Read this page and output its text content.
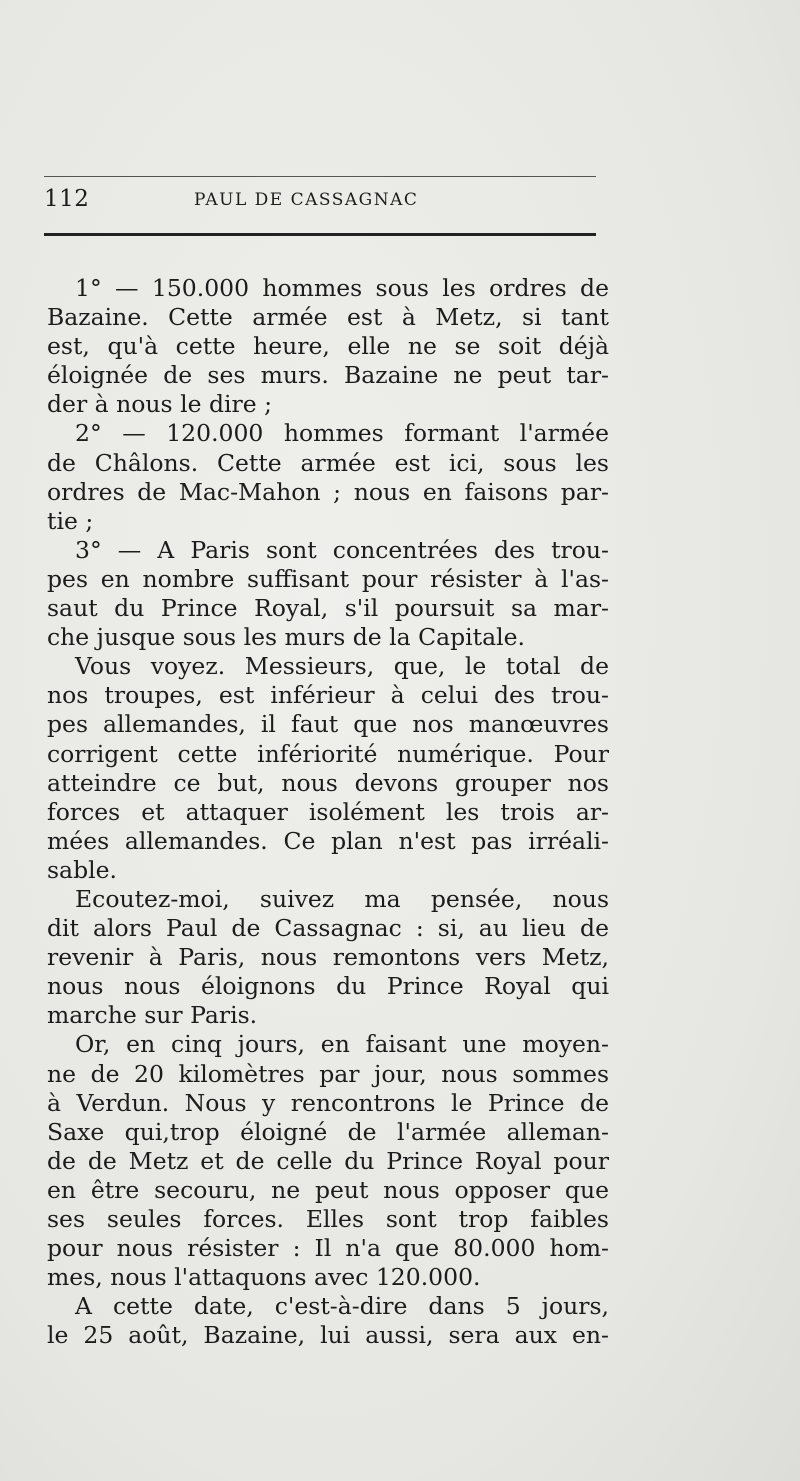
112	PAUL DE CASSAGNAC
1° — 150.000 hommes sous les ordres de
Bazaine. Cette armée est à Metz, si tant
est, qu'à cette heure, elle ne se soit déjà
éloignée de ses murs. Bazaine ne peut tar-
der à nous le dire ;
2° — 120.000 hommes formant l'armée
de Châlons. Cette armée est ici, sous les
ordres de Mac-Mahon ; nous en faisons par-
tie ;
3° — A Paris sont concentrées des trou-
pes en nombre suffisant pour résister à l'as-
saut du Prince Royal, s'il poursuit sa mar-
che jusque sous les murs de la Capitale.
Vous voyez. Messieurs, que, le total de
nos troupes, est inférieur à celui des trou-
pes allemandes, il faut que nos manœuvres
corrigent cette infériorité numérique. Pour
atteindre ce but, nous devons grouper nos
forces et attaquer isolément les trois ar-
mées allemandes. Ce plan n'est pas irréali-
sable.
Ecoutez-moi, suivez ma pensée, nous
dit alors Paul de Cassagnac : si, au lieu de
revenir à Paris, nous remontons vers Metz,
nous nous éloignons du Prince Royal qui
marche sur Paris.
Or, en cinq jours, en faisant une moyen-
ne de 20 kilomètres par jour, nous sommes
à Verdun. Nous y rencontrons le Prince de
Saxe qui,trop éloigné de l'armée alleman-
de de Metz et de celle du Prince Royal pour
en être secouru, ne peut nous opposer que
ses seules forces. Elles sont trop faibles
pour nous résister : Il n'a que 80.000 hom-
mes, nous l'attaquons avec 120.000.
A cette date, c'est-à-dire dans 5 jours,
le 25 août, Bazaine, lui aussi, sera aux en-
